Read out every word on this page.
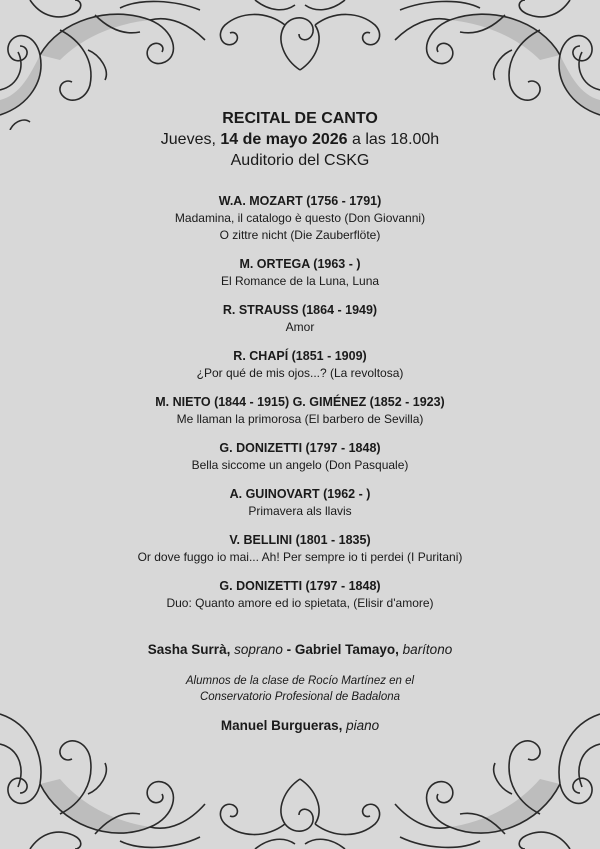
RECITAL DE CANTO
Jueves, 14 de mayo 2026 a las 18.00h
Auditorio del CSKG
W.A. MOZART (1756 - 1791)
Madamina, il catalogo è questo (Don Giovanni)
O zittre nicht (Die Zauberflöte)
M. ORTEGA (1963 - )
El Romance de la Luna, Luna
R. STRAUSS (1864 - 1949)
Amor
R. CHAPÍ (1851 - 1909)
¿Por qué de mis ojos...? (La revoltosa)
M. NIETO (1844 - 1915) G. GIMÉNEZ (1852 - 1923)
Me llaman la primorosa (El barbero de Sevilla)
G. DONIZETTI (1797 - 1848)
Bella siccome un angelo (Don Pasquale)
A. GUINOVART (1962 - )
Primavera als llavis
V. BELLINI (1801 - 1835)
Or dove fuggo io mai... Ah! Per sempre io ti perdei (I Puritani)
G. DONIZETTI (1797 - 1848)
Duo: Quanto amore ed io spietata, (Elisir d'amore)
Sasha Surrà, soprano - Gabriel Tamayo, barítono
Alumnos de la clase de Rocío Martínez en el
Conservatorio Profesional de Badalona
Manuel Burgueras, piano
